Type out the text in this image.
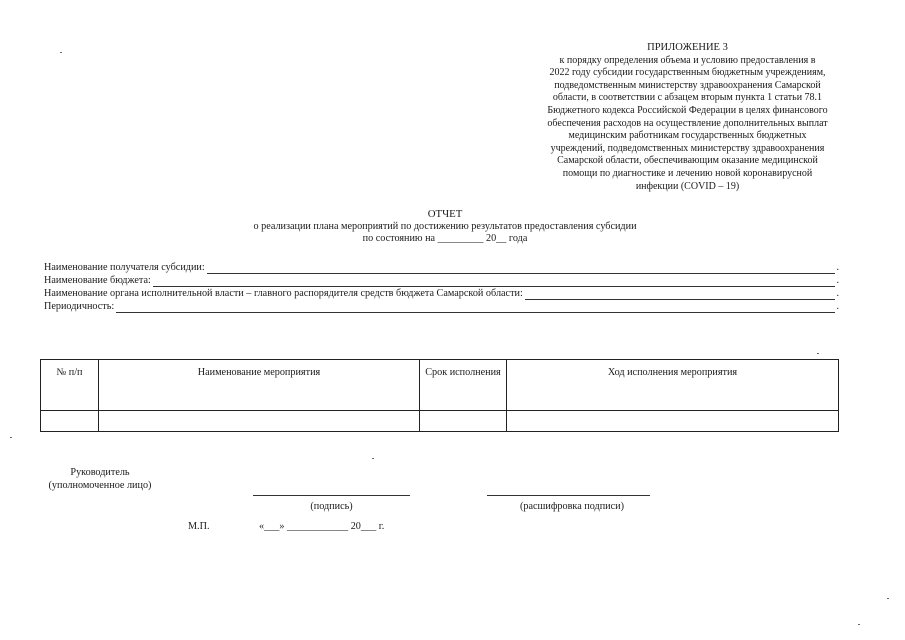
ПРИЛОЖЕНИЕ 3
к порядку определения объема и условию предоставления в
2022 году субсидии государственным бюджетным учреждениям,
подведомственным министерству здравоохранения Самарской
области, в соответствии с абзацем вторым пункта 1 статьи 78.1
Бюджетного кодекса Российской Федерации в целях финансового
обеспечения расходов на осуществление дополнительных выплат
медицинским работникам государственных бюджетных
учреждений, подведомственных министерству здравоохранения
Самарской области, обеспечивающим оказание медицинской
помощи по диагностике и лечению новой коронавирусной
инфекции (COVID – 19)
ОТЧЕТ
о реализации плана мероприятий по достижению результатов предоставления субсидии
по состоянию на _________ 20__ года
Наименование получателя субсидии:	.
Наименование бюджета:	.
Наименование органа исполнительной власти – главного распорядителя средств бюджета Самарской области:	.
Периодичность:	.
№ п/п	Наименование мероприятия	Срок исполнения	Ход исполнения мероприятия

Руководитель
(уполномоченное лицо)
(подпись)	(расшифровка подписи)
М.П.	«___» ____________ 20___ г.
